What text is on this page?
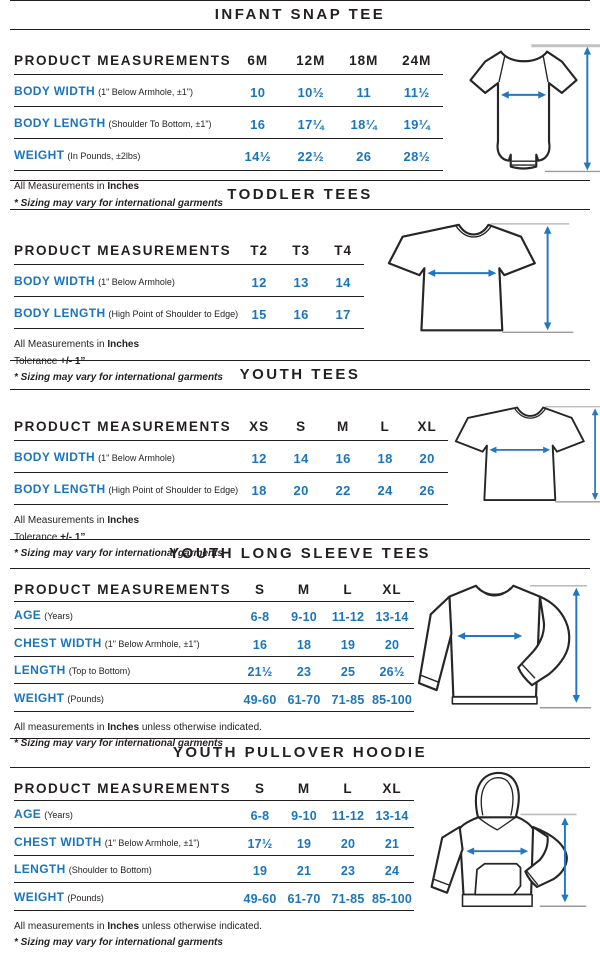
INFANT SNAP TEE
PRODUCT MEASUREMENTS	6M	12M	18M	24M
BODY WIDTH (1" Below Armhole, ±1")	10	10½	11	11½
BODY LENGTH (Shoulder To Bottom, ±1")	16	17¼	18¼	19¼
WEIGHT (In Pounds, ±2lbs)	14½	22½	26	28½

All Measurements in Inches

* Sizing may vary for international garments TODDLER TEES
PRODUCT MEASUREMENTS	T2	T3	T4
BODY WIDTH (1" Below Armhole)	12	13	14
BODY LENGTH (High Point of Shoulder to Edge)	15	16	17

All Measurements in Inches

Tolerance +/- 1”

* Sizing may vary for international garments	YOUTH TEES
PRODUCT MEASUREMENTS	XS	S	M	L	XL
BODY WIDTH (1" Below Armhole)	12	14	16	18	20
BODY LENGTH (High Point of Shoulder to Edge)	18	20	22	24	26

All Measurements in Inches

Tolerance +/- 1”

* Sizing may vary for international garments

YOUTH LONG SLEEVE TEES
PRODUCT MEASUREMENTS	S	M	L	XL
AGE (Years)	6-8	9-10	11-12	13-14
CHEST WIDTH (1" Below Armhole, ±1")	16	18	19	20
LENGTH (Top to Bottom)	21½	23	25	26½
WEIGHT (Pounds)	49-60	61-70	71-85	85-100

All measurements in Inches unless otherwise indicated.

* Sizing may vary for international garments

YOUTH PULLOVER HOODIE
PRODUCT MEASUREMENTS	S	M	L	XL
AGE (Years)	6-8	9-10	11-12	13-14
CHEST WIDTH (1" Below Armhole, ±1")	17½	19	20	21
LENGTH (Shoulder to Bottom)	19	21	23	24
WEIGHT (Pounds)	49-60	61-70	71-85	85-100

All measurements in Inches unless otherwise indicated.

* Sizing may vary for international garments
